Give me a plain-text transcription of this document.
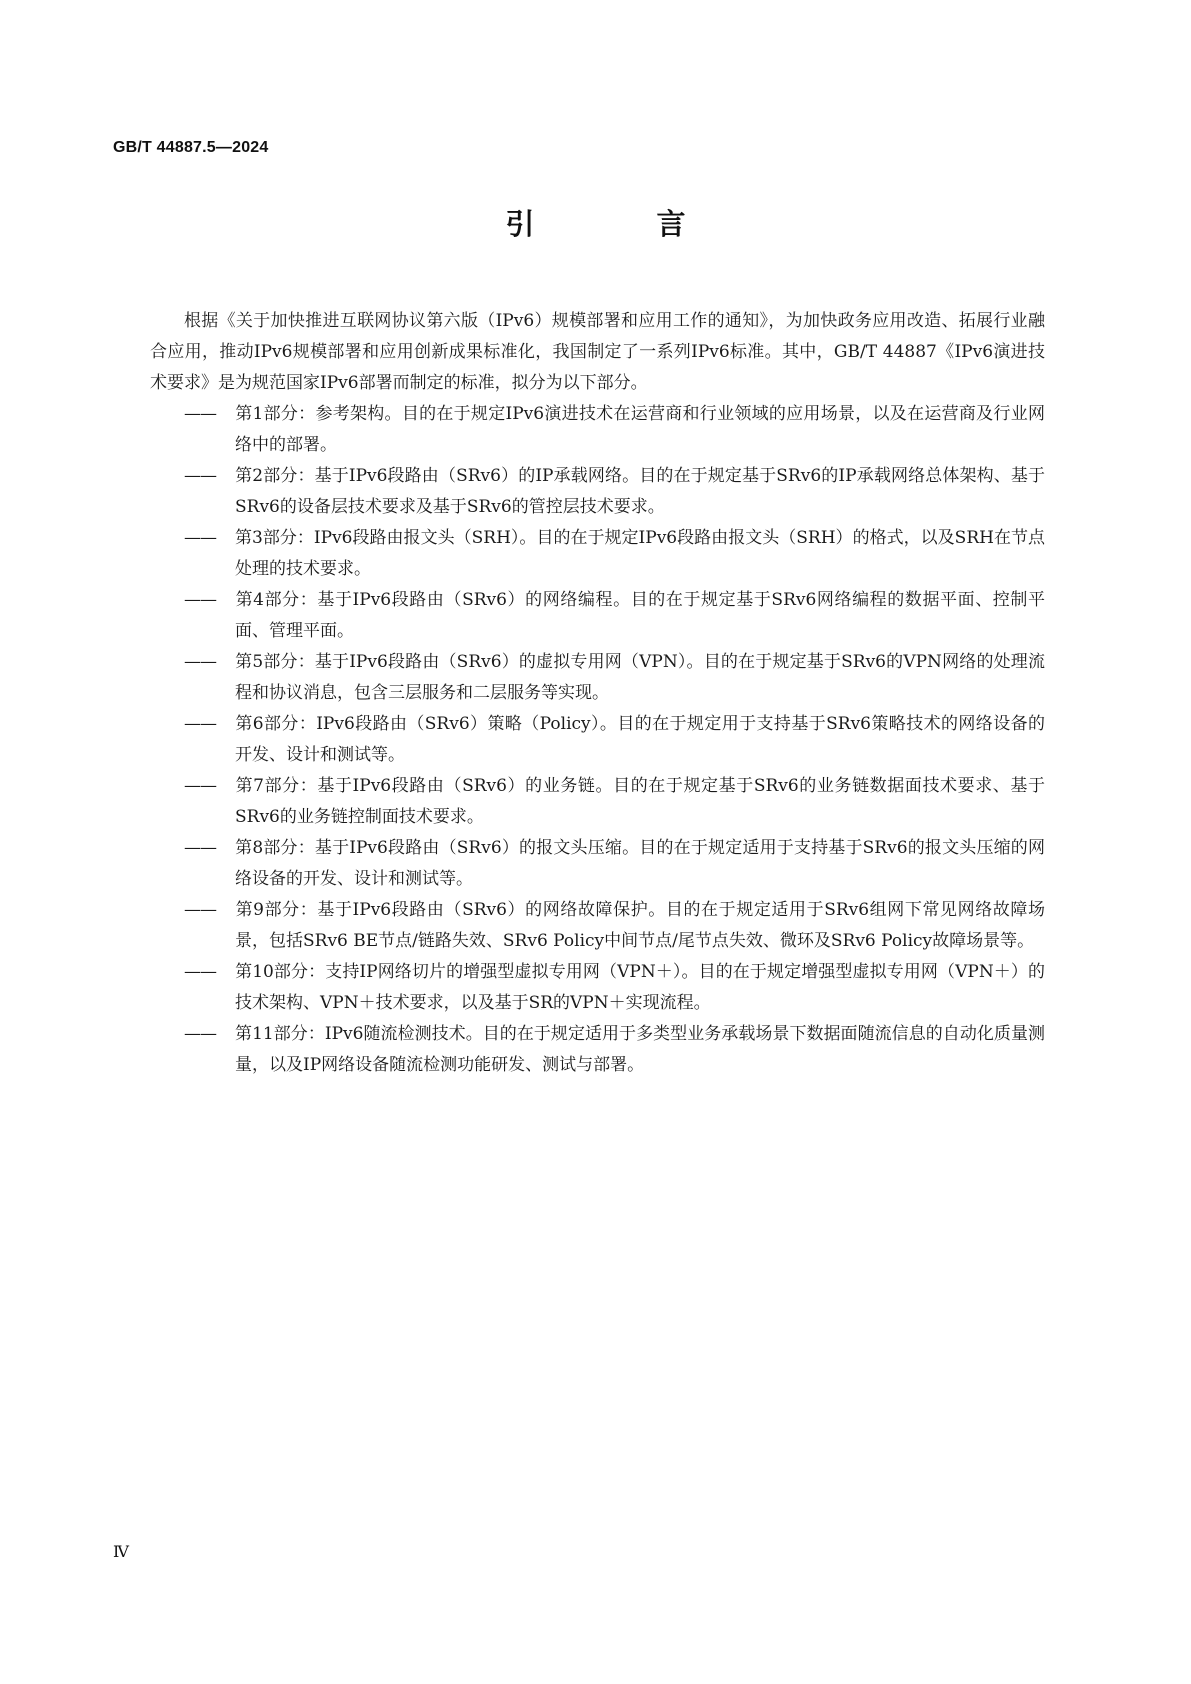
GB/T 44887.5—2024
引 言

根据《关于加快推进互联网协议第六版（IPv6）规模部署和应用工作的通知》，为加快政务应用改造、拓展行业融合应用，推动IPv6规模部署和应用创新成果标准化，我国制定了一系列IPv6标准。其中，GB/T 44887《IPv6演进技术要求》是为规范国家IPv6部署而制定的标准，拟分为以下部分。

—— 第1部分：参考架构。目的在于规定IPv6演进技术在运营商和行业领域的应用场景，以及在运营商及行业网络中的部署。
—— 第2部分：基于IPv6段路由（SRv6）的IP承载网络。目的在于规定基于SRv6的IP承载网络总体架构、基于SRv6的设备层技术要求及基于SRv6的管控层技术要求。
—— 第3部分：IPv6段路由报文头（SRH）。目的在于规定IPv6段路由报文头（SRH）的格式，以及SRH在节点处理的技术要求。
—— 第4部分：基于IPv6段路由（SRv6）的网络编程。目的在于规定基于SRv6网络编程的数据平面、控制平面、管理平面。
—— 第5部分：基于IPv6段路由（SRv6）的虚拟专用网（VPN）。目的在于规定基于SRv6的VPN网络的处理流程和协议消息，包含三层服务和二层服务等实现。
—— 第6部分：IPv6段路由（SRv6）策略（Policy）。目的在于规定用于支持基于SRv6策略技术的网络设备的开发、设计和测试等。
—— 第7部分：基于IPv6段路由（SRv6）的业务链。目的在于规定基于SRv6的业务链数据面技术要求、基于SRv6的业务链控制面技术要求。
—— 第8部分：基于IPv6段路由（SRv6）的报文头压缩。目的在于规定适用于支持基于SRv6的报文头压缩的网络设备的开发、设计和测试等。
—— 第9部分：基于IPv6段路由（SRv6）的网络故障保护。目的在于规定适用于SRv6组网下常见网络故障场景，包括SRv6 BE节点/链路失效、SRv6 Policy中间节点/尾节点失效、微环及SRv6 Policy故障场景等。
—— 第10部分：支持IP网络切片的增强型虚拟专用网（VPN＋）。目的在于规定增强型虚拟专用网（VPN＋）的技术架构、VPN＋技术要求，以及基于SR的VPN＋实现流程。
—— 第11部分：IPv6随流检测技术。目的在于规定适用于多类型业务承载场景下数据面随流信息的自动化质量测量，以及IP网络设备随流检测功能研发、测试与部署。
Ⅳ
